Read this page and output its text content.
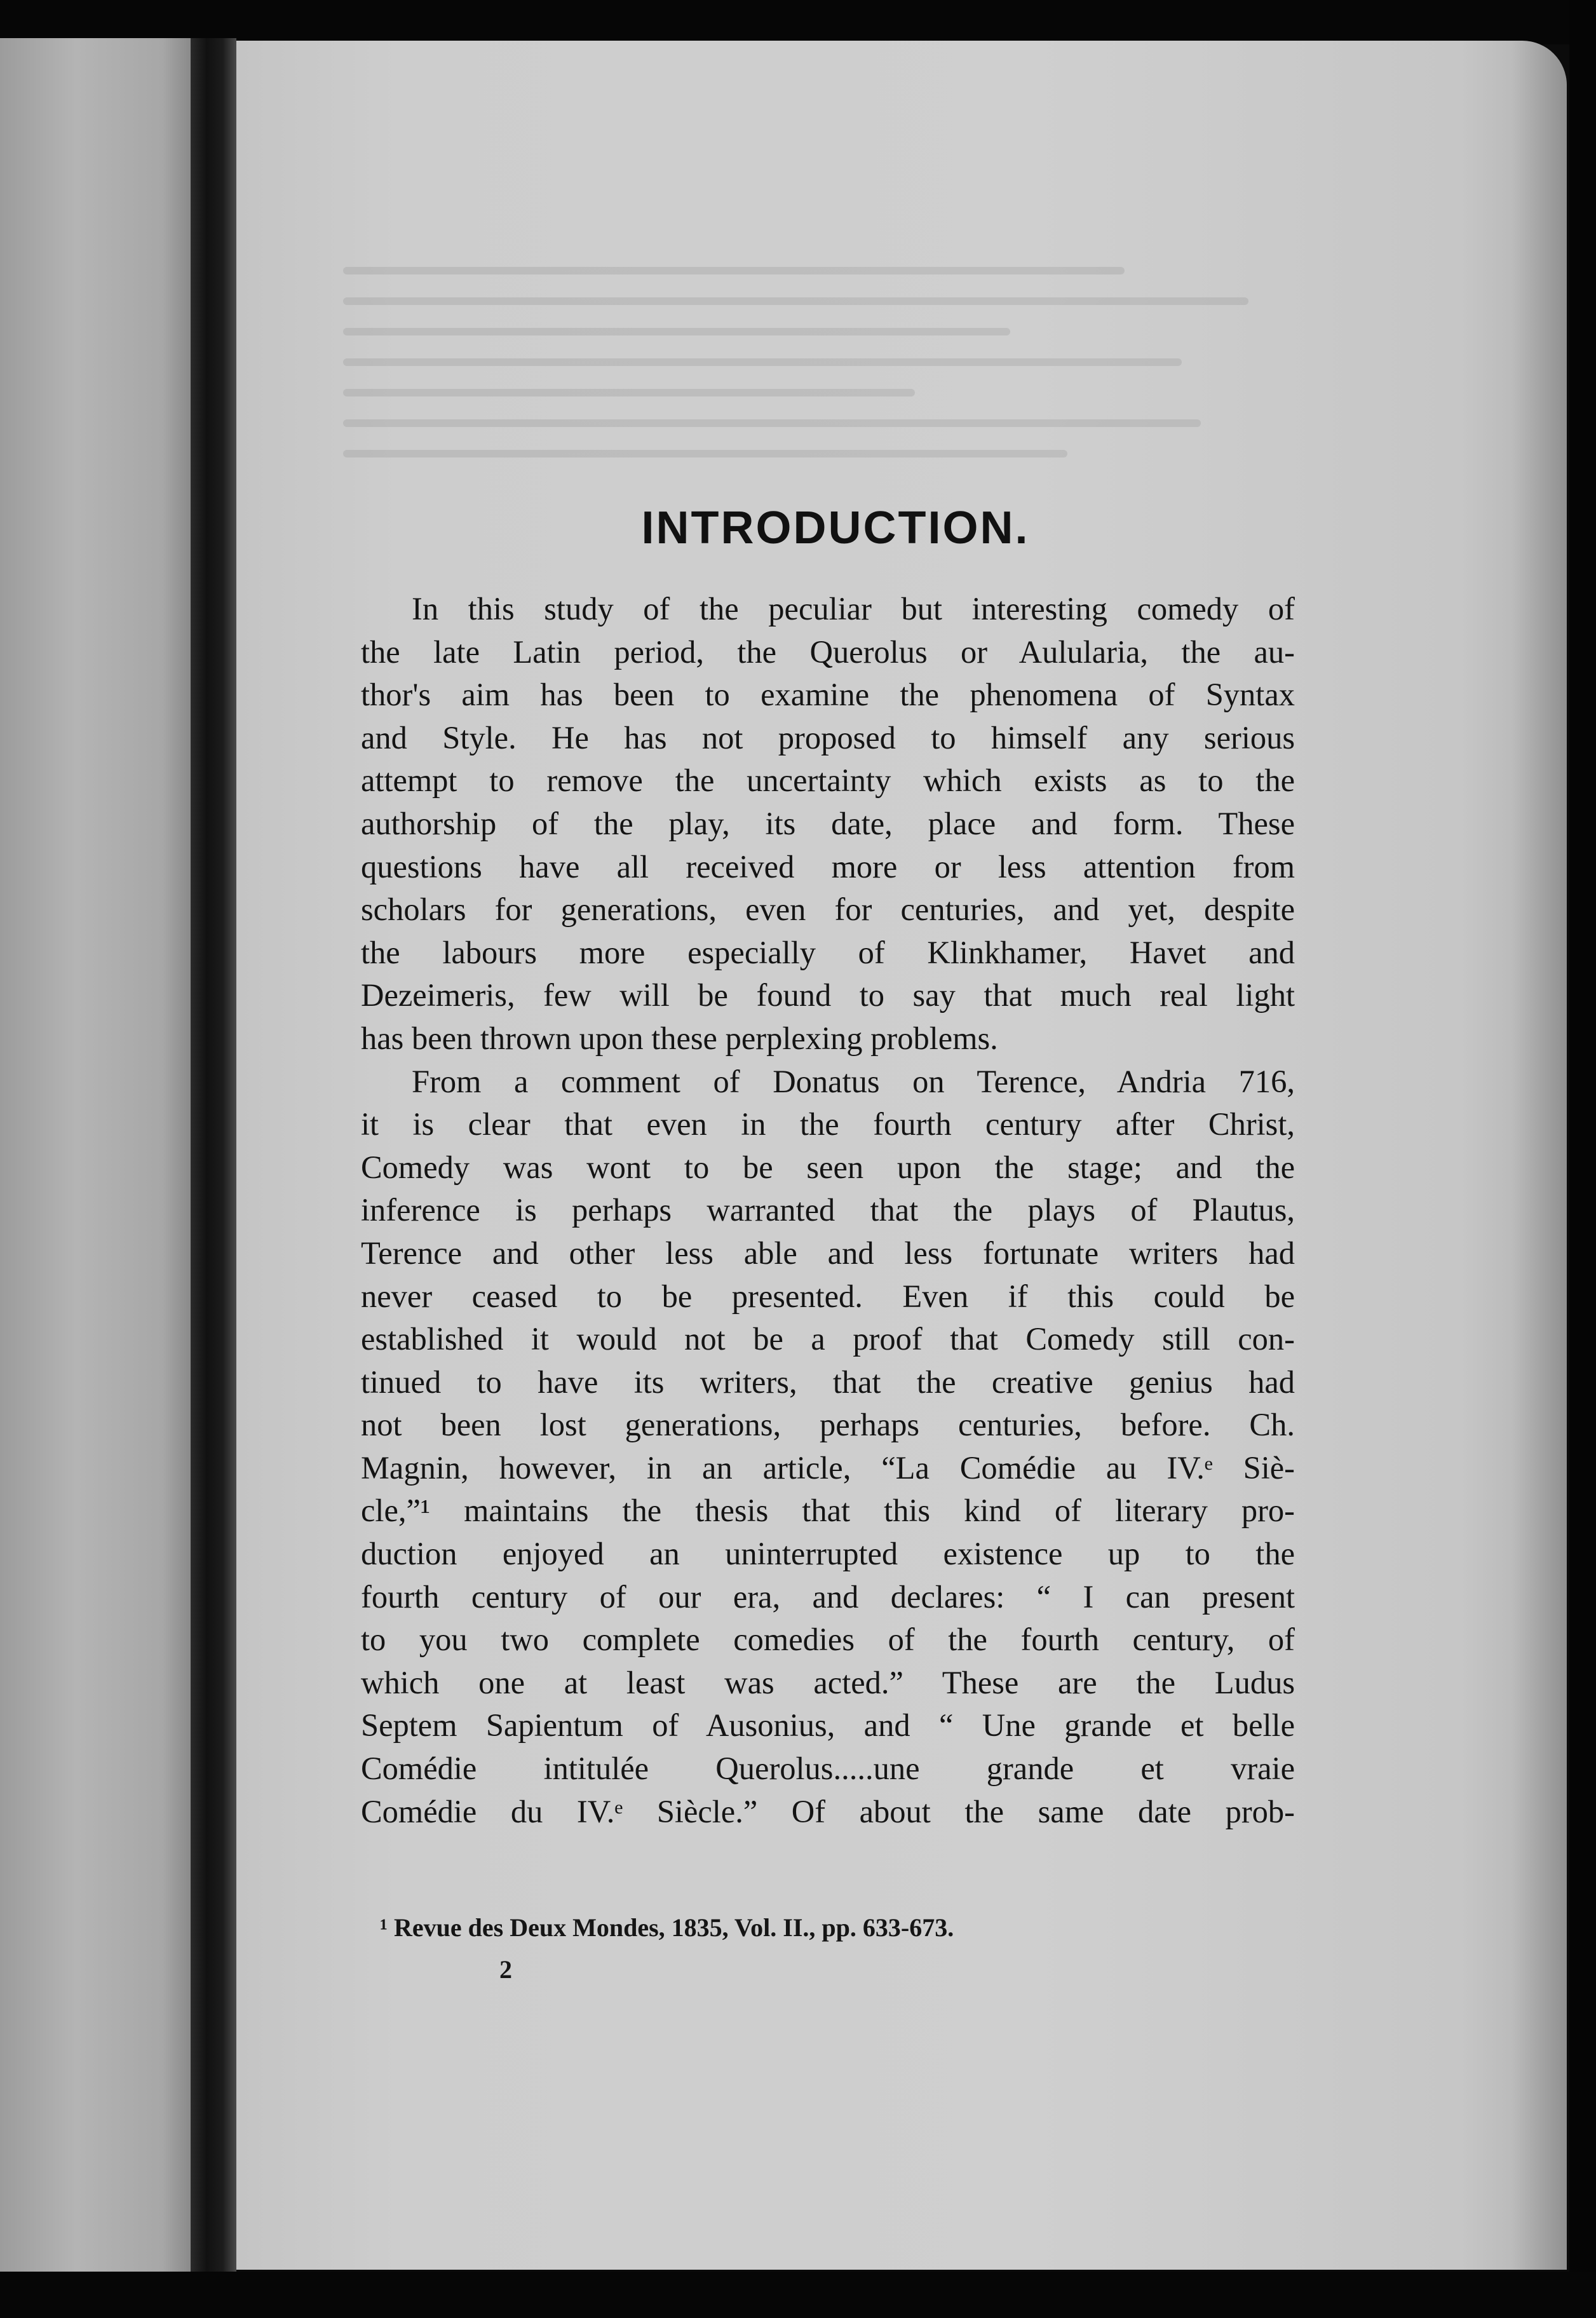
INTRODUCTION.
In this study of the peculiar but interesting comedy of
the late Latin period, the Querolus or Aulularia, the au-
thor's aim has been to examine the phenomena of Syntax
and Style. He has not proposed to himself any serious
attempt to remove the uncertainty which exists as to the
authorship of the play, its date, place and form. These
questions have all received more or less attention from
scholars for generations, even for centuries, and yet, despite
the labours more especially of Klinkhamer, Havet and
Dezeimeris, few will be found to say that much real light
has been thrown upon these perplexing problems.
From a comment of Donatus on Terence, Andria 716,
it is clear that even in the fourth century after Christ,
Comedy was wont to be seen upon the stage; and the
inference is perhaps warranted that the plays of Plautus,
Terence and other less able and less fortunate writers had
never ceased to be presented. Even if this could be
established it would not be a proof that Comedy still con-
tinued to have its writers, that the creative genius had
not been lost generations, perhaps centuries, before. Ch.
Magnin, however, in an article, “La Comédie au IV.ᵉ Siè-
cle,”¹ maintains the thesis that this kind of literary pro-
duction enjoyed an uninterrupted existence up to the
fourth century of our era, and declares: “ I can present
to you two complete comedies of the fourth century, of
which one at least was acted.” These are the Ludus
Septem Sapientum of Ausonius, and “ Une grande et belle
Comédie intitulée Querolus.....une grande et vraie
Comédie du IV.ᵉ Siècle.” Of about the same date prob-
¹ Revue des Deux Mondes, 1835, Vol. II., pp. 633-673.
2
